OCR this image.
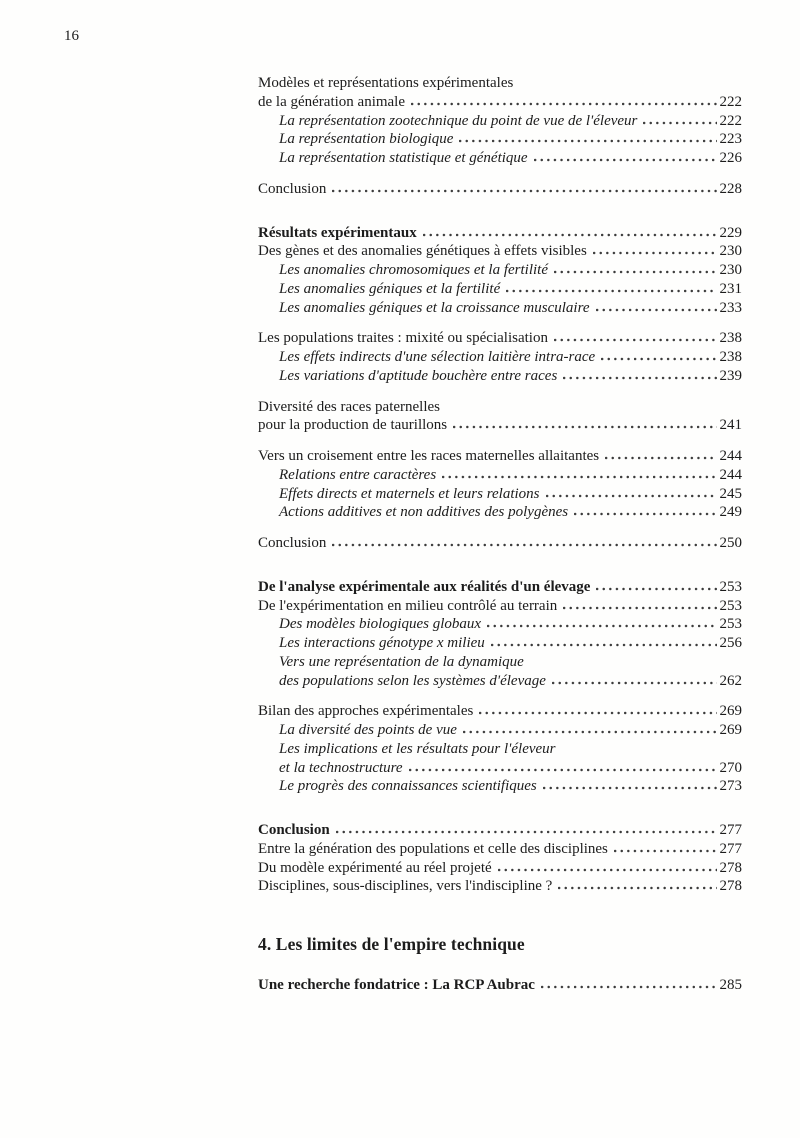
16
Modèles et représentations expérimentales
de la génération animale	222
La représentation zootechnique du point de vue de l'éleveur	222
La représentation biologique	223
La représentation statistique et génétique	226
Conclusion	228
Résultats expérimentaux	229
Des gènes et des anomalies génétiques à effets visibles	230
Les anomalies chromosomiques et la fertilité	230
Les anomalies géniques et la fertilité	231
Les anomalies géniques et la croissance musculaire	233
Les populations traites : mixité ou spécialisation	238
Les effets indirects d'une sélection laitière intra-race	238
Les variations d'aptitude bouchère entre races	239
Diversité des races paternelles
pour la production de taurillons	241
Vers un croisement entre les races maternelles allaitantes	244
Relations entre caractères	244
Effets directs et maternels et leurs relations	245
Actions additives et non additives des polygènes	249
Conclusion	250
De l'analyse expérimentale aux réalités d'un élevage	253
De l'expérimentation en milieu contrôlé au terrain	253
Des modèles biologiques globaux	253
Les interactions génotype x milieu	256
Vers une représentation de la dynamique
des populations selon les systèmes d'élevage	262
Bilan des approches expérimentales	269
La diversité des points de vue	269
Les implications et les résultats pour l'éleveur
et la technostructure	270
Le progrès des connaissances scientifiques	273
Conclusion	277
Entre la génération des populations et celle des disciplines	277
Du modèle expérimenté au réel projeté	278
Disciplines, sous-disciplines, vers l'indiscipline ?	278
4. Les limites de l'empire technique
Une recherche fondatrice : La RCP Aubrac	285
